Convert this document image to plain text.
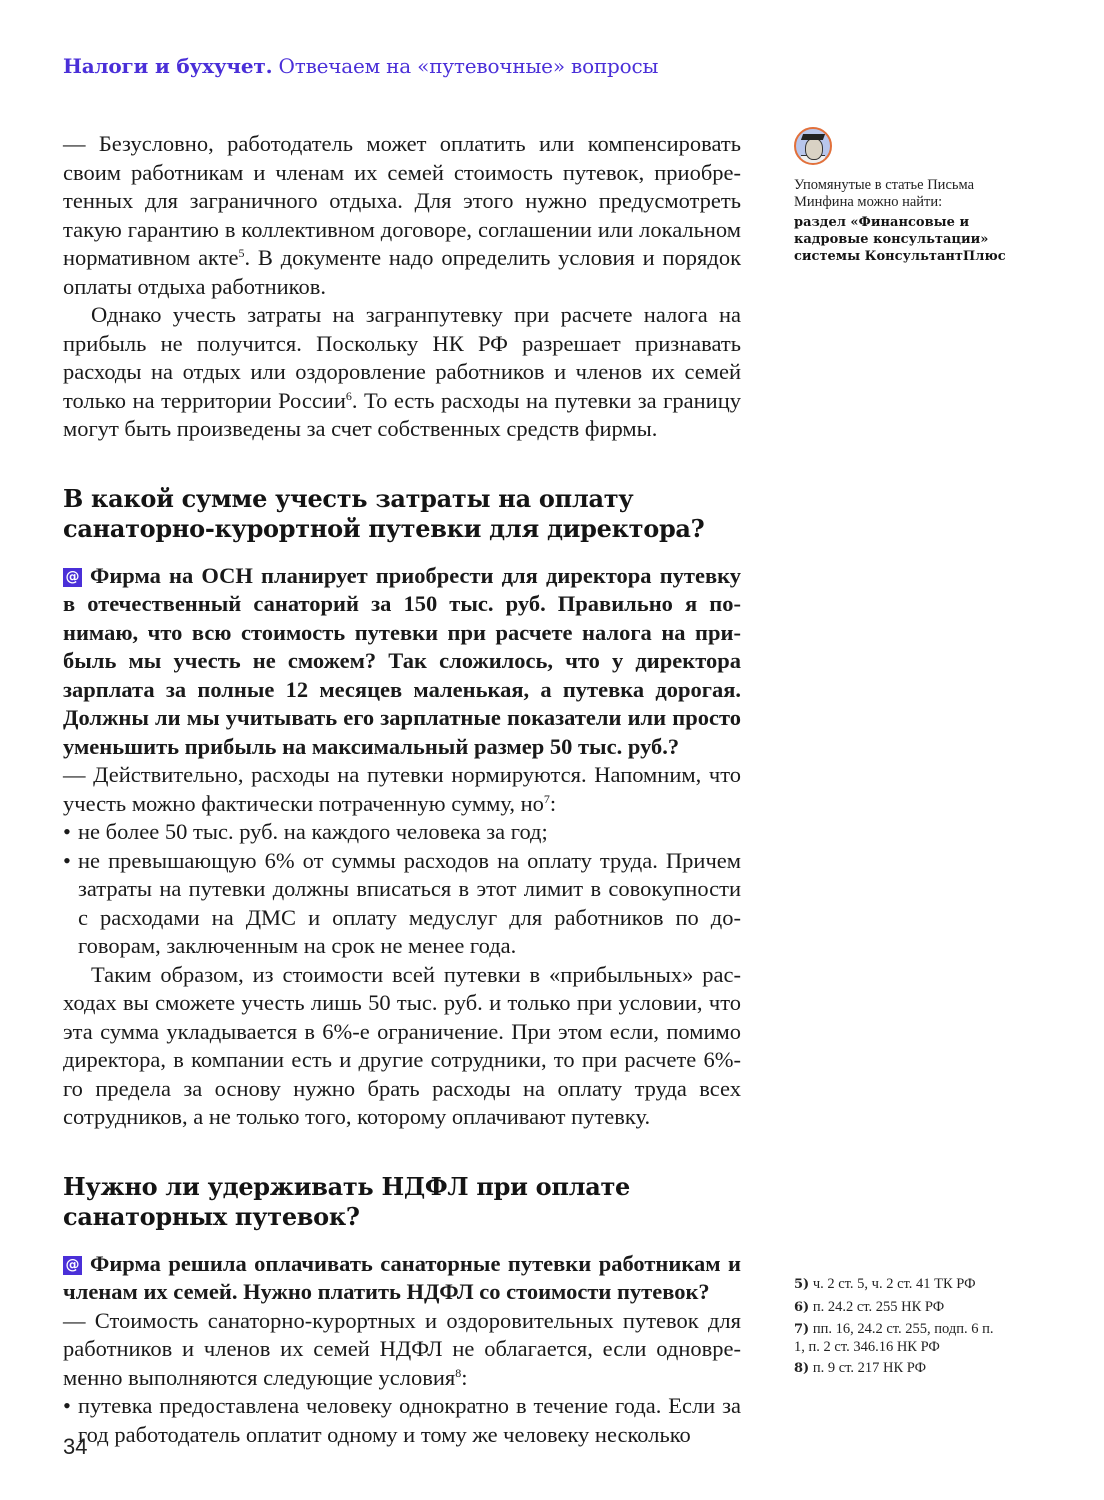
Налоги и бухучет. Отвечаем на «путевочные» вопросы

— Безусловно, работодатель может оплатить или компенсировать своим работникам и членам их семей стоимость путевок, приобретенных для заграничного отдыха. Для этого нужно предусмотреть такую гарантию в коллективном договоре, соглашении или локальном нормативном акте$^5$. В документе надо определить условия и порядок оплаты отдыха работников.

Однако учесть затраты на загранпутевку при расчете налога на прибыль не получится. Поскольку НК РФ разрешает признавать расходы на отдых или оздоровление работников и членов их семей только на территории России$^6$. То есть расходы на путевки за границу могут быть произведены за счет собственных средств фирмы.

В какой сумме учесть затраты на оплату санаторно-курортной путевки для директора?

@ Фирма на ОСН планирует приобрести для директора путевку в отечественный санаторий за 150 тыс. руб. Правильно я понимаю, что всю стоимость путевки при расчете налога на прибыль мы учесть не сможем? Так сложилось, что у директора зарплата за полные 12 месяцев маленькая, а путевка дорогая. Должны ли мы учитывать его зарплатные показатели или просто уменьшить прибыль на максимальный размер 50 тыс. руб.?

— Действительно, расходы на путевки нормируются. Напомним, что учесть можно фактически потраченную сумму, $но^7$:

• не более 50 тыс. руб. на каждого человека за год;
• не превышающую 6% от суммы расходов на оплату труда. Причем затраты на путевки должны вписаться в этот лимит в совокупности с расходами на ДМС и оплату медуслуг для работников по договорам, заключенным на срок не менее года.

Таким образом, из стоимости всей путевки в «прибыльных» расходах вы сможете учесть лишь 50 тыс. руб. и только при условии, что эта сумма укладывается в 6%-е ограничение. При этом если, помимо директора, в компании есть и другие сотрудники, то при расчете 6%-го предела за основу нужно брать расходы на оплату труда всех сотрудников, а не только того, которому оплачивают путевку.

Нужно ли удерживать НДФЛ при оплате санаторных путевок?

@ Фирма решила оплачивать санаторные путевки работникам и членам их семей. Нужно платить НДФЛ со стоимости путевок?

— Стоимость санаторно-курортных и оздоровительных путевок для работников и членов их семей НДФЛ не облагается, если одновременно выполняются следующие условия$^8$:

• путевка предоставлена человеку однократно в течение года. Если за год работодатель оплатит одному и тому же человеку несколько
Упомянутые в статье Письма Минфина можно найти:
раздел «Финансовые и кадровые консультации» системы КонсультантПлюс
5) ч. 2 ст. 5, ч. 2 ст. 41 ТК РФ
6) п. 24.2 ст. 255 НК РФ
7) пп. 16, 24.2 ст. 255, подп. 6 п. 1, п. 2 ст. 346.16 НК РФ
8) п. 9 ст. 217 НК РФ
34
